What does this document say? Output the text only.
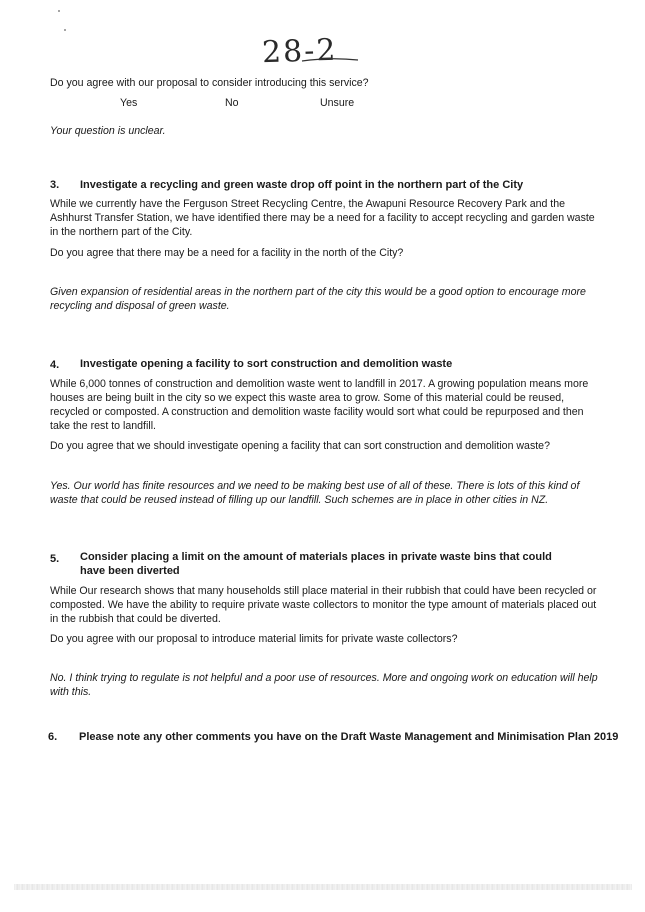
28-2
Do you agree with our proposal to consider introducing this service?
Yes	No	Unsure
Your question is unclear.
3. Investigate a recycling and green waste drop off point in the northern part of the City
While we currently have the Ferguson Street Recycling Centre, the Awapuni Resource Recovery Park and the Ashhurst Transfer Station, we have identified there may be a need for a facility to accept recycling and garden waste in the northern part of the City.
Do you agree that there may be a need for a facility in the north of the City?
Given expansion of residential areas in the northern part of the city this would be a good option to encourage more recycling and disposal of green waste.
4. Investigate opening a facility to sort construction and demolition waste
While 6,000 tonnes of construction and demolition waste went to landfill in 2017. A growing population means more houses are being built in the city so we expect this waste area to grow. Some of this material could be reused, recycled or composted. A construction and demolition waste facility would sort what could be repurposed and then take the rest to landfill.
Do you agree that we should investigate opening a facility that can sort construction and demolition waste?
Yes. Our world has finite resources and we need to be making best use of all of these. There is lots of this kind of waste that could be reused instead of filling up our landfill. Such schemes are in place in other cities in NZ.
5. Consider placing a limit on the amount of materials places in private waste bins that could have been diverted
While Our research shows that many households still place material in their rubbish that could have been recycled or composted. We have the ability to require private waste collectors to monitor the type amount of materials placed out in the rubbish that could be diverted.
Do you agree with our proposal to introduce material limits for private waste collectors?
No. I think trying to regulate is not helpful and a poor use of resources. More and ongoing work on education will help with this.
6. Please note any other comments you have on the Draft Waste Management and Minimisation Plan 2019
